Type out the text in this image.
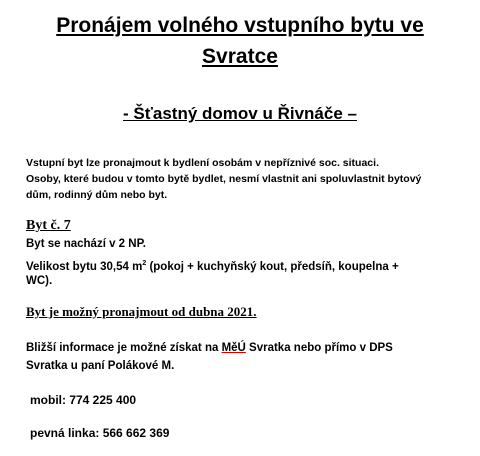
Pronájem volného vstupního bytu ve

Svratce

- Šťastný domov u Řivnáče –

Vstupní byt lze pronajmout k bydlení osobám v nepříznivé soc. situaci.

Osoby, které budou v tomto bytě bydlet, nesmí vlastnit ani spoluvlastnit bytový

dům, rodinný dům nebo byt.

Byt č. 7

Byt se nachází v 2 NP.

Velikost bytu 30,54 $m^2$ (pokoj + kuchyňský kout, předsíň, koupelna +

WC).

Byt je možný pronajmout od dubna 2021.

Bližší informace je možné získat na MěÚ Svratka nebo přímo v DPS

Svratka u paní Polákové M.

mobil: 774 225 400

pevná linka: 566 662 369
